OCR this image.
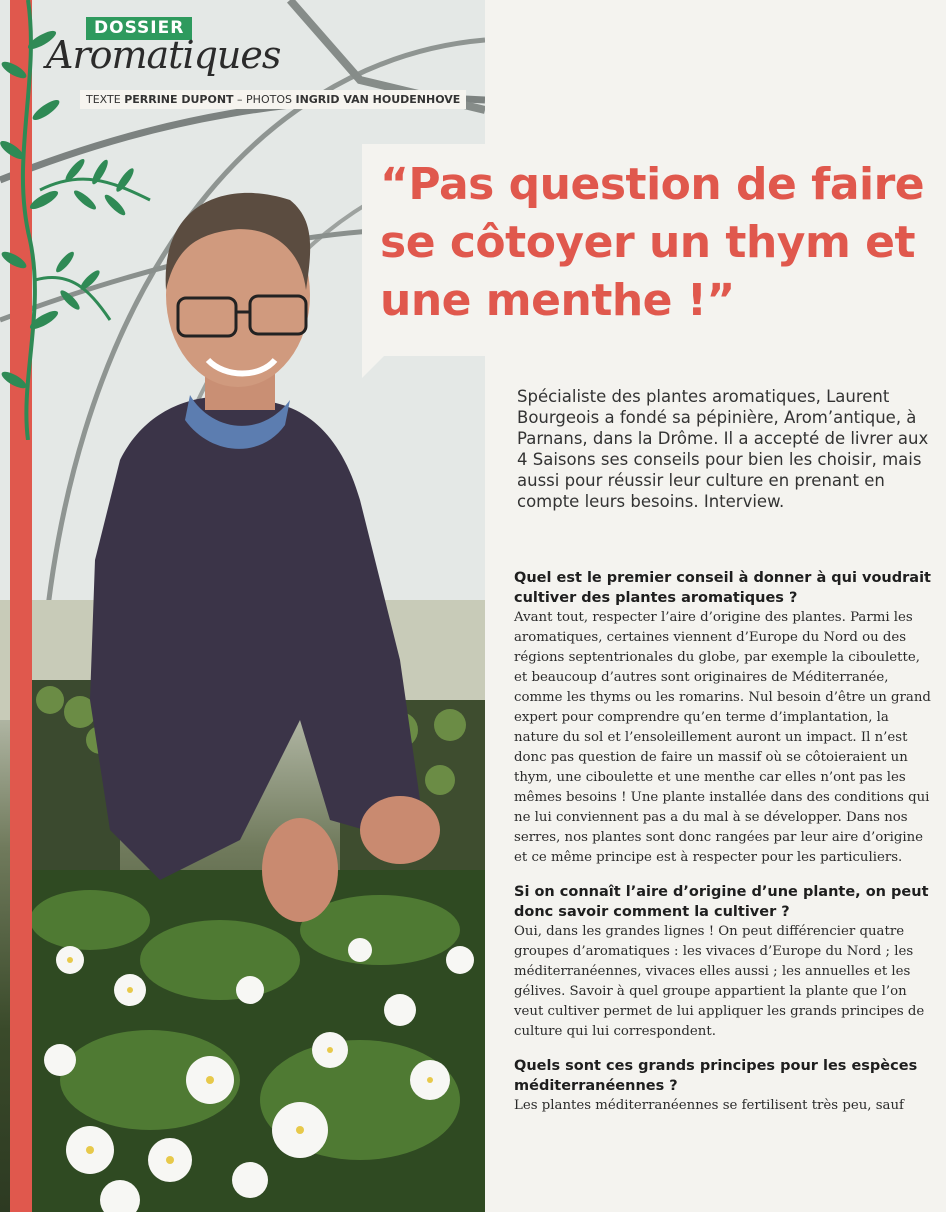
DOSSIER
Aromatiques
TEXTE PERRINE DUPONT – PHOTOS INGRID VAN HOUDENHOVE
“Pas question de faire se côtoyer un thym et une menthe !”
Spécialiste des plantes aromatiques, Laurent Bourgeois a fondé sa pépinière, Arom’antique, à Parnans, dans la Drôme. Il a accepté de livrer aux 4 Saisons ses conseils pour bien les choisir, mais aussi pour réussir leur culture en prenant en compte leurs besoins. Interview.

Quel est le premier conseil à donner à qui voudrait cultiver des plantes aromatiques ?

Avant tout, respecter l’aire d’origine des plantes. Parmi les aromatiques, certaines viennent d’Europe du Nord ou des régions septentrionales du globe, par exemple la ciboulette, et beaucoup d’autres sont originaires de Méditerranée, comme les thyms ou les romarins. Nul besoin d’être un grand expert pour comprendre qu’en terme d’implantation, la nature du sol et l’ensoleillement auront un impact. Il n’est donc pas question de faire un massif où se côtoieraient un thym, une ciboulette et une menthe car elles n’ont pas les mêmes besoins ! Une plante installée dans des conditions qui ne lui conviennent pas a du mal à se développer. Dans nos serres, nos plantes sont donc rangées par leur aire d’origine et ce même principe est à respecter pour les particuliers.

Si on connaît l’aire d’origine d’une plante, on peut donc savoir comment la cultiver ?

Oui, dans les grandes lignes ! On peut différencier quatre groupes d’aromatiques : les vivaces d’Europe du Nord ; les méditerranéennes, vivaces elles aussi ; les annuelles et les gélives. Savoir à quel groupe appartient la plante que l’on veut cultiver permet de lui appliquer les grands principes de culture qui lui correspondent.

Quels sont ces grands principes pour les espèces méditerranéennes ?

Les plantes méditerranéennes se fertilisent très peu, sauf
